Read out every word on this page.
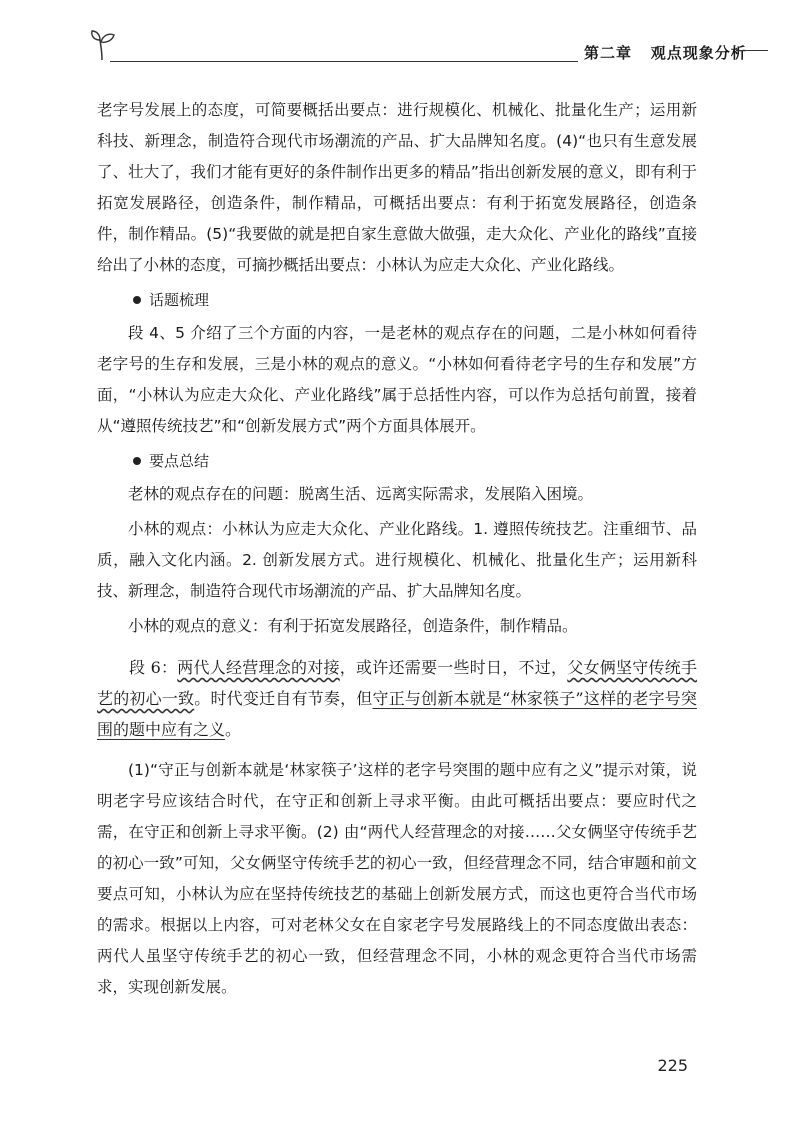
第二章 观点现象分析

老字号发展上的态度，可简要概括出要点：进行规模化、机械化、批量化生产；运用新科技、新理念，制造符合现代市场潮流的产品、扩大品牌知名度。(4)“也只有生意发展了、壮大了，我们才能有更好的条件制作出更多的精品”指出创新发展的意义，即有利于拓宽发展路径，创造条件，制作精品，可概括出要点：有利于拓宽发展路径，创造条件，制作精品。(5)“我要做的就是把自家生意做大做强，走大众化、产业化的路线”直接给出了小林的态度，可摘抄概括出要点：小林认为应走大众化、产业化路线。

话题梳理

段 4、5 介绍了三个方面的内容，一是老林的观点存在的问题，二是小林如何看待老字号的生存和发展，三是小林的观点的意义。“小林如何看待老字号的生存和发展”方面，“小林认为应走大众化、产业化路线”属于总括性内容，可以作为总括句前置，接着从“遵照传统技艺”和“创新发展方式”两个方面具体展开。

要点总结

老林的观点存在的问题：脱离生活、远离实际需求，发展陷入困境。

小林的观点：小林认为应走大众化、产业化路线。1. 遵照传统技艺。注重细节、品质，融入文化内涵。2. 创新发展方式。进行规模化、机械化、批量化生产；运用新科技、新理念，制造符合现代市场潮流的产品、扩大品牌知名度。

小林的观点的意义：有利于拓宽发展路径，创造条件，制作精品。

段 6：两代人经营理念的对接，或许还需要一些时日，不过，父女俩坚守传统手艺的初心一致。时代变迁自有节奏，但守正与创新本就是“林家筷子”这样的老字号突围的题中应有之义。

(1)“守正与创新本就是‘林家筷子’这样的老字号突围的题中应有之义”提示对策，说明老字号应该结合时代，在守正和创新上寻求平衡。由此可概括出要点：要应时代之需，在守正和创新上寻求平衡。(2) 由“两代人经营理念的对接……父女俩坚守传统手艺的初心一致”可知，父女俩坚守传统手艺的初心一致，但经营理念不同，结合审题和前文要点可知，小林认为应在坚持传统技艺的基础上创新发展方式，而这也更符合当代市场的需求。根据以上内容，可对老林父女在自家老字号发展路线上的不同态度做出表态：两代人虽坚守传统手艺的初心一致，但经营理念不同，小林的观念更符合当代市场需求，实现创新发展。

225
